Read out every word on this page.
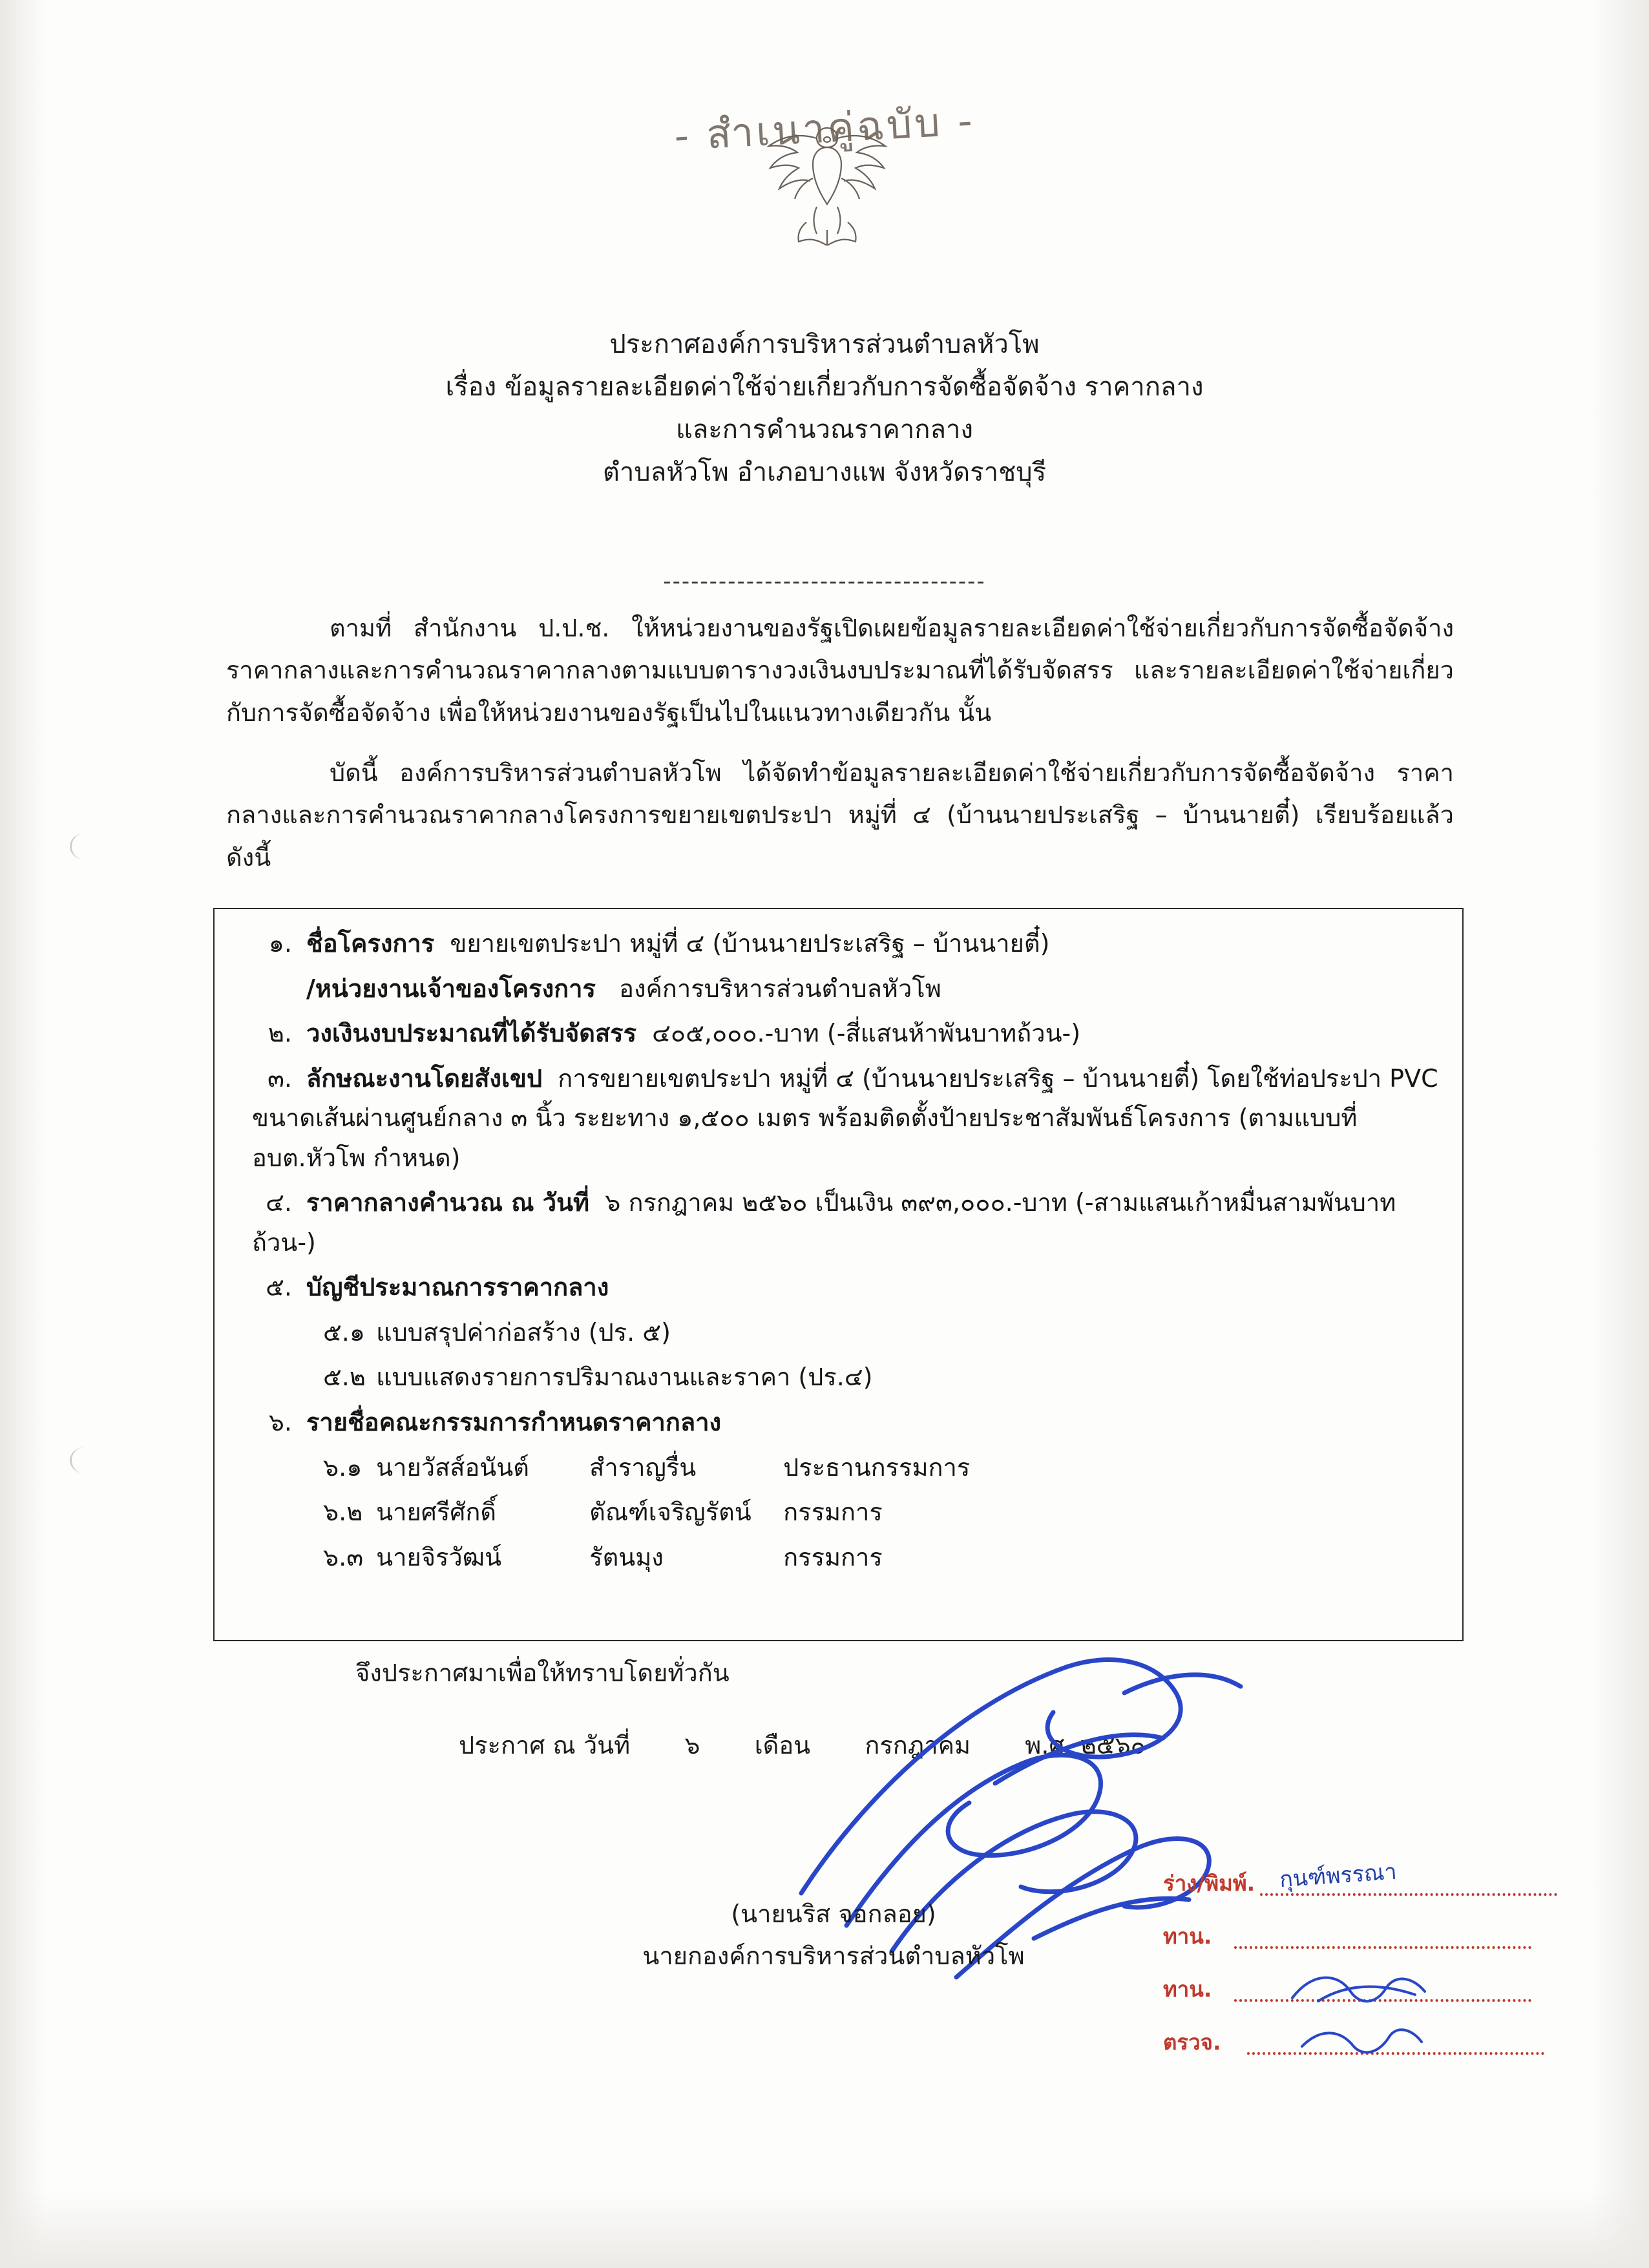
- สำเนาคู่ฉบับ -
ประกาศองค์การบริหารส่วนตำบลหัวโพ
เรื่อง ข้อมูลรายละเอียดค่าใช้จ่ายเกี่ยวกับการจัดซื้อจัดจ้าง ราคากลาง
และการคำนวณราคากลาง
ตำบลหัวโพ อำเภอบางแพ จังหวัดราชบุรี
-----------------------------------
ตามที่ สำนักงาน ป.ป.ช. ให้หน่วยงานของรัฐเปิดเผยข้อมูลรายละเอียดค่าใช้จ่ายเกี่ยวกับการจัดซื้อจัดจ้าง ราคากลางและการคำนวณราคากลางตามแบบตารางวงเงินงบประมาณที่ได้รับจัดสรร และรายละเอียดค่าใช้จ่ายเกี่ยวกับการจัดซื้อจัดจ้าง เพื่อให้หน่วยงานของรัฐเป็นไปในแนวทางเดียวกัน นั้น
บัดนี้ องค์การบริหารส่วนตำบลหัวโพ ได้จัดทำข้อมูลรายละเอียดค่าใช้จ่ายเกี่ยวกับการจัดซื้อจัดจ้าง ราคากลางและการคำนวณราคากลางโครงการขยายเขตประปา หมู่ที่ ๔ (บ้านนายประเสริฐ – บ้านนายตี๋) เรียบร้อยแล้ว ดังนี้
๑. ชื่อโครงการ ขยายเขตประปา หมู่ที่ ๔ (บ้านนายประเสริฐ – บ้านนายตี๋)
/หน่วยงานเจ้าของโครงการ องค์การบริหารส่วนตำบลหัวโพ
๒. วงเงินงบประมาณที่ได้รับจัดสรร ๔๐๕,๐๐๐.-บาท (-สี่แสนห้าพันบาทถ้วน-)
๓. ลักษณะงานโดยสังเขป การขยายเขตประปา หมู่ที่ ๔ (บ้านนายประเสริฐ – บ้านนายตี๋) โดยใช้ท่อประปา PVC ขนาดเส้นผ่านศูนย์กลาง ๓ นิ้ว ระยะทาง ๑,๕๐๐ เมตร พร้อมติดตั้งป้ายประชาสัมพันธ์โครงการ (ตามแบบที่ อบต.หัวโพ กำหนด)
๔. ราคากลางคำนวณ ณ วันที่ ๖ กรกฎาคม ๒๕๖๐ เป็นเงิน ๓๙๓,๐๐๐.-บาท (-สามแสนเก้าหมื่นสามพันบาทถ้วน-)
๕. บัญชีประมาณการราคากลาง
๕.๑ แบบสรุปค่าก่อสร้าง (ปร. ๕)
๕.๒ แบบแสดงรายการปริมาณงานและราคา (ปร.๔)
๖. รายชื่อคณะกรรมการกำหนดราคากลาง
๖.๑ นายวัสส์อนันต์ สำราญรื่น	ประธานกรรมการ
๖.๒ นายศรีศักดิ์	ตัณฑ์เจริญรัตน์ กรรมการ
๖.๓ นายจิรวัฒน์	รัตนมุง	กรรมการ
จึงประกาศมาเพื่อให้ทราบโดยทั่วกัน
ประกาศ ณ วันที่ ๖ เดือน กรกฎาคม พ.ศ. ๒๕๖๐
(นายนริส จอกลอย)
นายกองค์การบริหารส่วนตำบลหัวโพ
ร่าง/พิมพ์. กุนฑ์พรรณา
ทาน.
ทาน.
ตรวจ.
